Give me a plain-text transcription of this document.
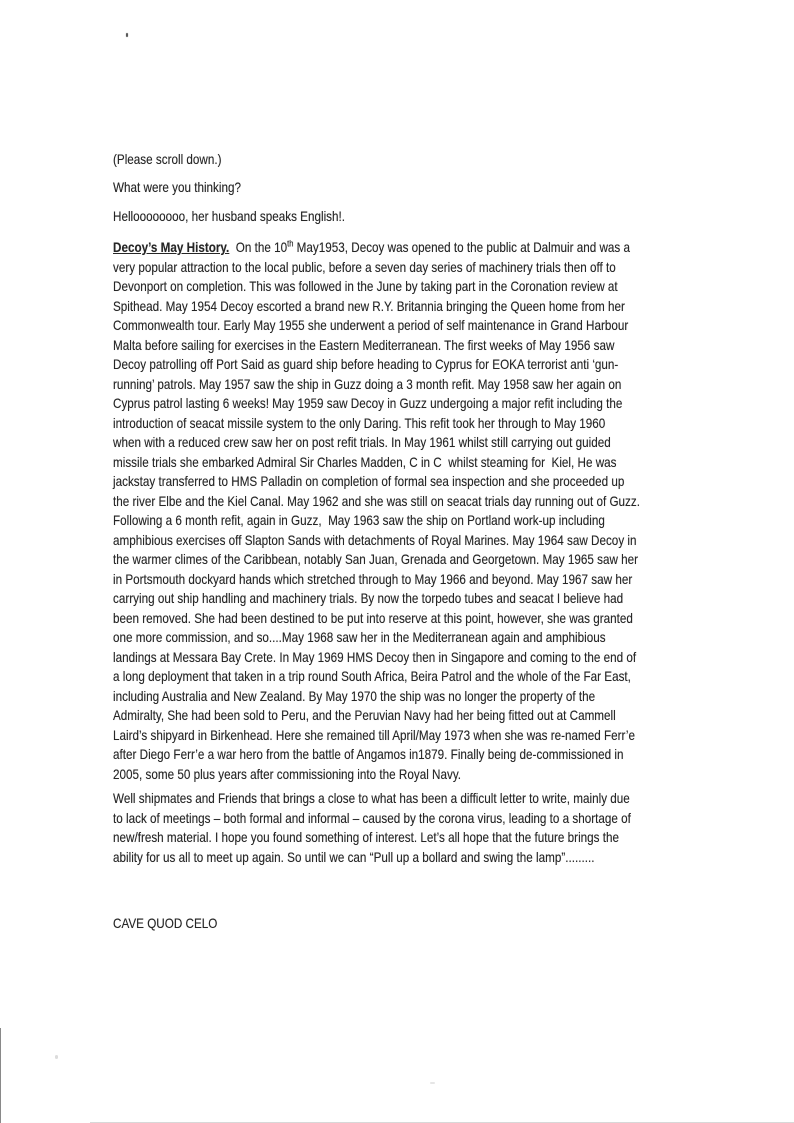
(Please scroll down.)
What were you thinking?
Helloooooooo, her husband speaks English!.
Decoy’s May History.  On the 10th May1953, Decoy was opened to the public at Dalmuir and was a
very popular attraction to the local public, before a seven day series of machinery trials then off to
Devonport on completion. This was followed in the June by taking part in the Coronation review at
Spithead. May 1954 Decoy escorted a brand new R.Y. Britannia bringing the Queen home from her
Commonwealth tour. Early May 1955 she underwent a period of self maintenance in Grand Harbour
Malta before sailing for exercises in the Eastern Mediterranean. The first weeks of May 1956 saw
Decoy patrolling off Port Said as guard ship before heading to Cyprus for EOKA terrorist anti ‘gun-
running’ patrols. May 1957 saw the ship in Guzz doing a 3 month refit. May 1958 saw her again on
Cyprus patrol lasting 6 weeks! May 1959 saw Decoy in Guzz undergoing a major refit including the
introduction of seacat missile system to the only Daring. This refit took her through to May 1960
when with a reduced crew saw her on post refit trials. In May 1961 whilst still carrying out guided
missile trials she embarked Admiral Sir Charles Madden, C in C  whilst steaming for  Kiel, He was
jackstay transferred to HMS Palladin on completion of formal sea inspection and she proceeded up
the river Elbe and the Kiel Canal. May 1962 and she was still on seacat trials day running out of Guzz.
Following a 6 month refit, again in Guzz,  May 1963 saw the ship on Portland work-up including
amphibious exercises off Slapton Sands with detachments of Royal Marines. May 1964 saw Decoy in
the warmer climes of the Caribbean, notably San Juan, Grenada and Georgetown. May 1965 saw her
in Portsmouth dockyard hands which stretched through to May 1966 and beyond. May 1967 saw her
carrying out ship handling and machinery trials. By now the torpedo tubes and seacat I believe had
been removed. She had been destined to be put into reserve at this point, however, she was granted
one more commission, and so....May 1968 saw her in the Mediterranean again and amphibious
landings at Messara Bay Crete. In May 1969 HMS Decoy then in Singapore and coming to the end of
a long deployment that taken in a trip round South Africa, Beira Patrol and the whole of the Far East,
including Australia and New Zealand. By May 1970 the ship was no longer the property of the
Admiralty, She had been sold to Peru, and the Peruvian Navy had her being fitted out at Cammell
Laird’s shipyard in Birkenhead. Here she remained till April/May 1973 when she was re-named Ferr’e
after Diego Ferr’e a war hero from the battle of Angamos in1879. Finally being de-commissioned in
2005, some 50 plus years after commissioning into the Royal Navy.
Well shipmates and Friends that brings a close to what has been a difficult letter to write, mainly due
to lack of meetings – both formal and informal – caused by the corona virus, leading to a shortage of
new/fresh material. I hope you found something of interest. Let’s all hope that the future brings the
ability for us all to meet up again. So until we can “Pull up a bollard and swing the lamp”.........
CAVE QUOD CELO
